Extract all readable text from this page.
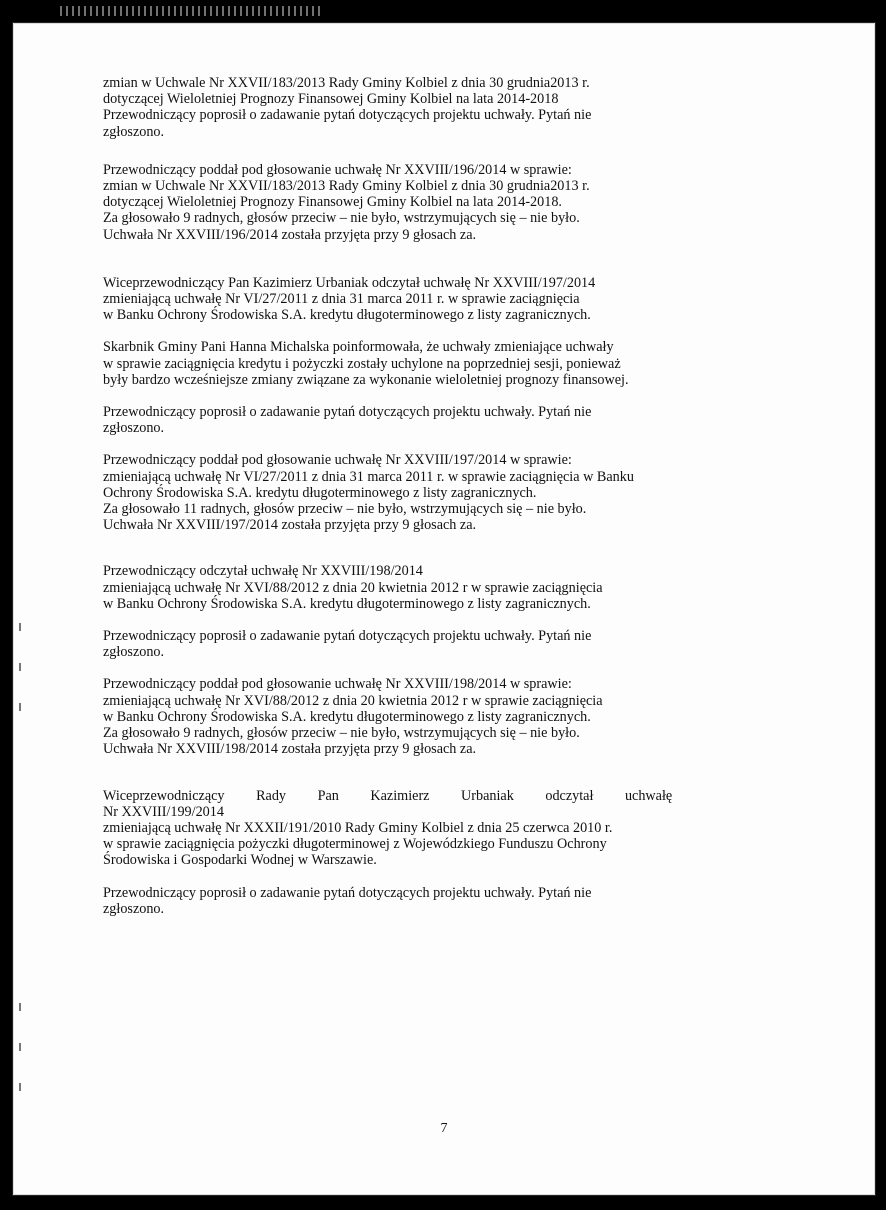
zmian w Uchwale Nr XXVII/183/2013 Rady Gminy Kolbiel z dnia 30 grudnia2013 r.
dotyczącej Wieloletniej Prognozy Finansowej Gminy Kolbiel na lata 2014-2018
Przewodniczący poprosił o zadawanie pytań dotyczących projektu uchwały. Pytań nie
zgłoszono.

Przewodniczący poddał pod głosowanie uchwałę Nr XXVIII/196/2014 w sprawie:
zmian w Uchwale Nr XXVII/183/2013 Rady Gminy Kolbiel z dnia 30 grudnia2013 r.
dotyczącej Wieloletniej Prognozy Finansowej Gminy Kolbiel na lata 2014-2018.
Za głosowało 9 radnych, głosów przeciw – nie było, wstrzymujących się – nie było.
Uchwała Nr XXVIII/196/2014 została przyjęta przy 9 głosach za.

Wiceprzewodniczący Pan Kazimierz Urbaniak odczytał uchwałę Nr XXVIII/197/2014
zmieniającą uchwałę Nr VI/27/2011 z dnia 31 marca 2011 r. w sprawie zaciągnięcia
w Banku Ochrony Środowiska S.A. kredytu długoterminowego z listy zagranicznych.

Skarbnik Gminy Pani Hanna Michalska poinformowała, że uchwały zmieniające uchwały
w sprawie zaciągnięcia kredytu i pożyczki zostały uchylone na poprzedniej sesji, ponieważ
były bardzo wcześniejsze zmiany związane za wykonanie wieloletniej prognozy finansowej.

Przewodniczący poprosił o zadawanie pytań dotyczących projektu uchwały. Pytań nie
zgłoszono.

Przewodniczący poddał pod głosowanie uchwałę Nr XXVIII/197/2014 w sprawie:
zmieniającą uchwałę Nr VI/27/2011 z dnia 31 marca 2011 r. w sprawie zaciągnięcia w Banku
Ochrony Środowiska S.A. kredytu długoterminowego z listy zagranicznych.
Za głosowało 11 radnych, głosów przeciw – nie było, wstrzymujących się – nie było.
Uchwała Nr XXVIII/197/2014 została przyjęta przy 9 głosach za.

Przewodniczący odczytał uchwałę Nr XXVIII/198/2014
zmieniającą uchwałę Nr XVI/88/2012 z dnia 20 kwietnia 2012 r w sprawie zaciągnięcia
w Banku Ochrony Środowiska S.A. kredytu długoterminowego z listy zagranicznych.

Przewodniczący poprosił o zadawanie pytań dotyczących projektu uchwały. Pytań nie
zgłoszono.

Przewodniczący poddał pod głosowanie uchwałę Nr XXVIII/198/2014 w sprawie:
zmieniającą uchwałę Nr XVI/88/2012 z dnia 20 kwietnia 2012 r w sprawie zaciągnięcia
w Banku Ochrony Środowiska S.A. kredytu długoterminowego z listy zagranicznych.
Za głosowało 9 radnych, głosów przeciw – nie było, wstrzymujących się – nie było.
Uchwała Nr XXVIII/198/2014 została przyjęta przy 9 głosach za.

Wiceprzewodniczący Rady Pan Kazimierz Urbaniak odczytał uchwałę
Nr XXVIII/199/2014
zmieniającą uchwałę Nr XXXII/191/2010 Rady Gminy Kolbiel z dnia 25 czerwca 2010 r.
w sprawie zaciągnięcia pożyczki długoterminowej z Wojewódzkiego Funduszu Ochrony
Środowiska i Gospodarki Wodnej w Warszawie.

Przewodniczący poprosił o zadawanie pytań dotyczących projektu uchwały. Pytań nie
zgłoszono.

7
